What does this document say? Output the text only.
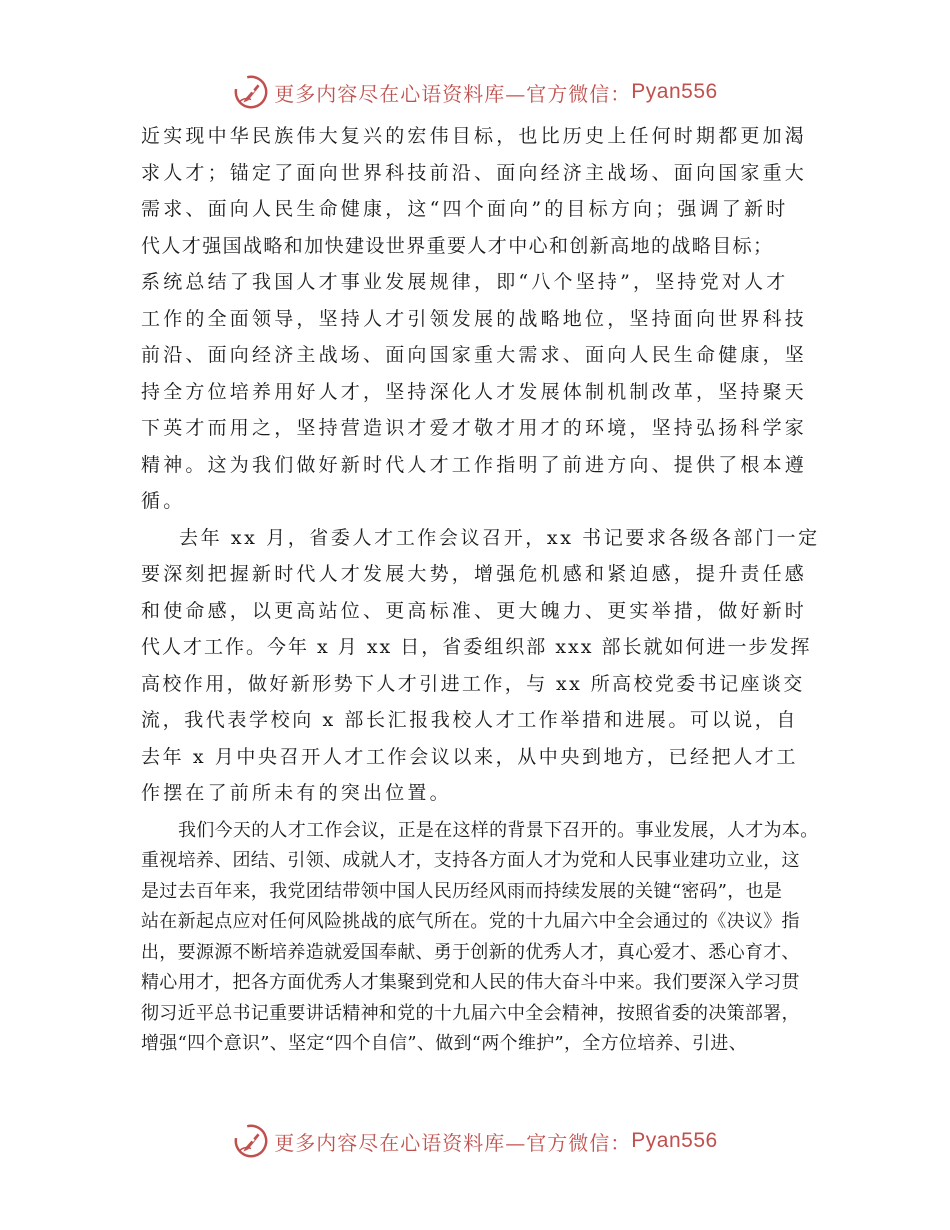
更多内容尽在心语资料库—官方微信： Pyan556

近实现中华民族伟大复兴的宏伟目标，也比历史上任何时期都更加渴
求人才；锚定了面向世界科技前沿、面向经济主战场、面向国家重大
需求、面向人民生命健康，这“四个面向”的目标方向；强调了新时
代人才强国战略和加快建设世界重要人才中心和创新高地的战略目标；
系统总结了我国人才事业发展规律，即“八个坚持”，坚持党对人才
工作的全面领导，坚持人才引领发展的战略地位，坚持面向世界科技
前沿、面向经济主战场、面向国家重大需求、面向人民生命健康，坚
持全方位培养用好人才，坚持深化人才发展体制机制改革，坚持聚天
下英才而用之，坚持营造识才爱才敬才用才的环境，坚持弘扬科学家
精神。这为我们做好新时代人才工作指明了前进方向、提供了根本遵
循。

去年 xx 月，省委人才工作会议召开，xx 书记要求各级各部门一定
要深刻把握新时代人才发展大势，增强危机感和紧迫感，提升责任感
和使命感，以更高站位、更高标准、更大魄力、更实举措，做好新时
代人才工作。今年 x 月 xx 日，省委组织部 xxx 部长就如何进一步发挥
高校作用，做好新形势下人才引进工作，与 xx 所高校党委书记座谈交
流，我代表学校向 x 部长汇报我校人才工作举措和进展。可以说，自
去年 x 月中央召开人才工作会议以来，从中央到地方，已经把人才工
作摆在了前所未有的突出位置。

我们今天的人才工作会议，正是在这样的背景下召开的。事业发展，人才为本。
重视培养、团结、引领、成就人才，支持各方面人才为党和人民事业建功立业，这
是过去百年来，我党团结带领中国人民历经风雨而持续发展的关键“密码”，也是
站在新起点应对任何风险挑战的底气所在。党的十九届六中全会通过的《决议》指
出，要源源不断培养造就爱国奉献、勇于创新的优秀人才，真心爱才、悉心育才、
精心用才，把各方面优秀人才集聚到党和人民的伟大奋斗中来。我们要深入学习贯
彻习近平总书记重要讲话精神和党的十九届六中全会精神，按照省委的决策部署，
增强“四个意识”、坚定“四个自信”、做到“两个维护”，全方位培养、引进、

更多内容尽在心语资料库—官方微信： Pyan556
